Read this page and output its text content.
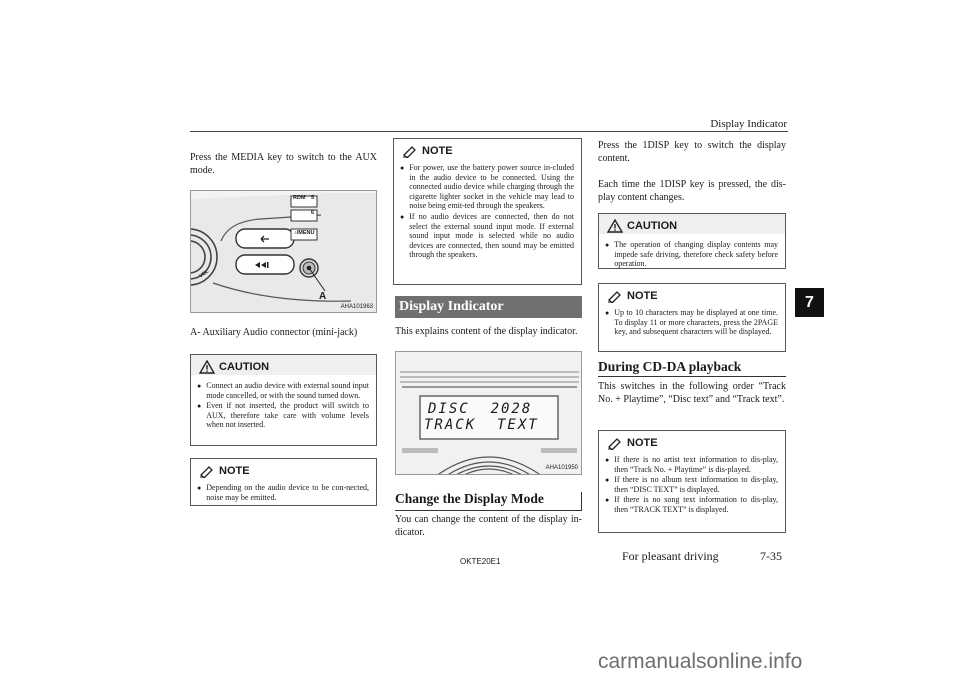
Display Indicator
7

Press the MEDIA key to switch to the AUX mode.

RDM 5
6
♪/MENU
VOL
A
AHA101963

A- Auxiliary Audio connector (mini-jack)

CAUTION
● Connect an audio device with external sound input mode cancelled, or with the sound turned down.
● Even if not inserted, the product will switch to AUX, therefore take care with volume levels when not inserted.
NOTE
● Depending on the audio device to be con-nected, noise may be emitted.
NOTE
● For power, use the battery power source in-cluded in the audio device to be connected. Using the connected audio device while charging through the cigarette lighter socket in the vehicle may lead to noise being emit-ted through the speakers.
● If no audio devices are connected, then do not select the external sound input mode. If external sound input mode is selected while no audio devices are connected, then sound may be emitted through the speakers.
Display Indicator

This explains content of the display indicator.

DISC  2028
TRACK  TEXT
AHA101950
Change the Display Mode

You can change the content of the display in-dicator.

Press the 1DISP key to switch the display content.

Each time the 1DISP key is pressed, the dis-play content changes.

CAUTION
● The operation of changing display contents may impede safe driving, therefore check safety before operation.
NOTE
● Up to 10 characters may be displayed at one time. To display 11 or more characters, press the 2PAGE key, and subsequent characters will be displayed.
During CD-DA playback

This switches in the following order “Track No. + Playtime”, “Disc text” and “Track text”.

NOTE
● If there is no artist text information to dis-play, then “Track No. + Playtime” is dis-played.
● If there is no album text information to dis-play, then “DISC TEXT” is displayed.
● If there is no song text information to dis-play, then “TRACK TEXT” is displayed.
OKTE20E1	For pleasant driving	7-35
carmanualsonline.info
